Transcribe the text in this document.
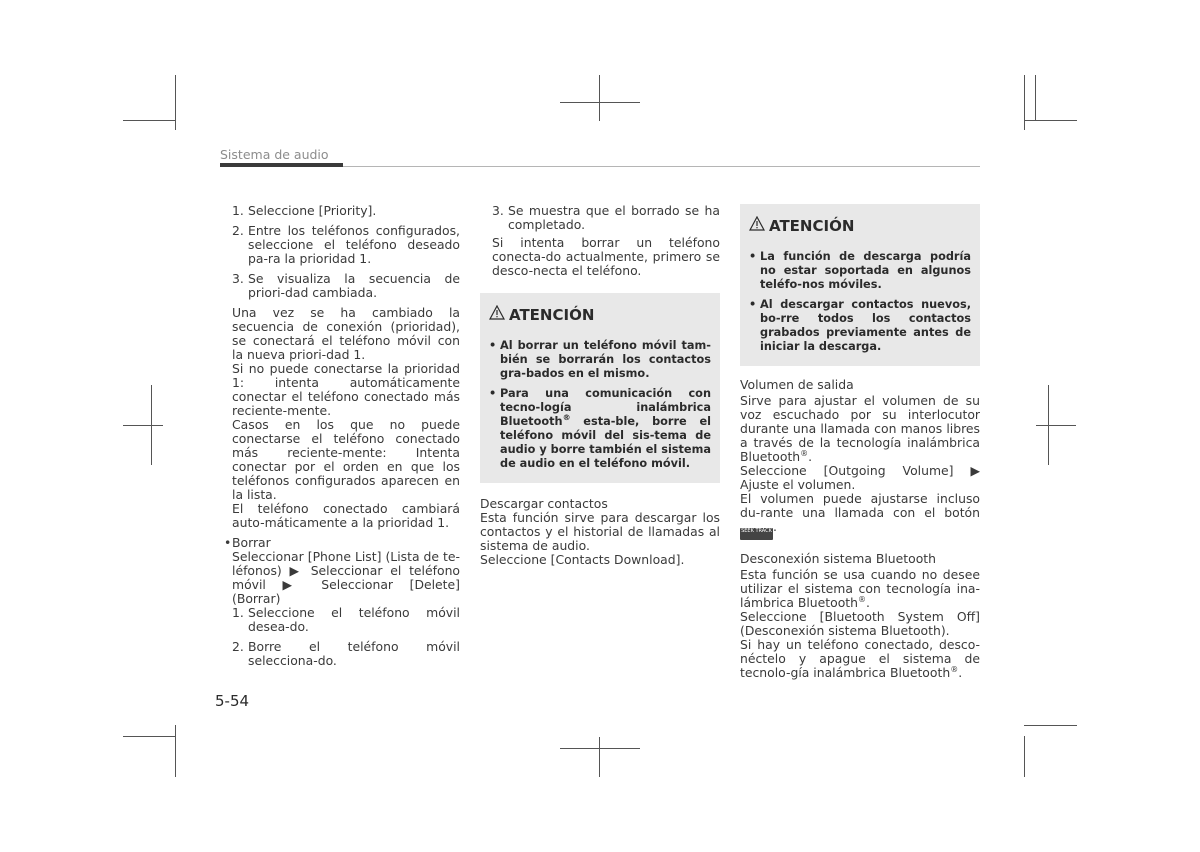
Sistema de audio
1. Seleccione [Priority].
2. Entre los teléfonos configurados, seleccione el teléfono deseado pa-ra la prioridad 1.

3. Se visualiza la secuencia de priori-dad cambiada.

Una vez se ha cambiado la secuencia de conexión (prioridad), se conectará el teléfono móvil con la nueva priori-dad 1.

Si no puede conectarse la prioridad 1: intenta automáticamente conectar el teléfono conectado más reciente-mente.

Casos en los que no puede conectarse el teléfono conectado más reciente-mente: Intenta conectar por el orden en que los teléfonos configurados aparecen en la lista.

El teléfono conectado cambiará auto-máticamente a la prioridad 1.

• Borrar

Seleccionar [Phone List] (Lista de te-léfonos) ▶ Seleccionar el teléfono móvil ▶ Seleccionar [Delete] (Borrar)

1. Seleccione el teléfono móvil desea-do.

2. Borre el teléfono móvil selecciona-do.

3. Se muestra que el borrado se ha completado.

Si intenta borrar un teléfono conecta-do actualmente, primero se desco-necta el teléfono.

ATENCIÓN
• Al borrar un teléfono móvil tam-bién se borrarán los contactos gra-bados en el mismo.
• Para una comunicación con tecno-logía inalámbrica Bluetooth® esta-ble, borre el teléfono móvil del sis-tema de audio y borre también el sistema de audio en el teléfono móvil.

Descargar contactos

Esta función sirve para descargar los contactos y el historial de llamadas al sistema de audio.

Seleccione [Contacts Download].

ATENCIÓN
• La función de descarga podría no estar soportada en algunos teléfo-nos móviles.
• Al descargar contactos nuevos, bo-rre todos los contactos grabados previamente antes de iniciar la descarga.

Volumen de salida

Sirve para ajustar el volumen de su voz escuchado por su interlocutor durante una llamada con manos libres a través de la tecnología inalámbrica Bluetooth®.

Seleccione [Outgoing Volume] ▶ Ajuste el volumen.

El volumen puede ajustarse incluso du-rante una llamada con el botón SEEK TRACK.

Desconexión sistema Bluetooth

Esta función se usa cuando no desee utilizar el sistema con tecnología ina-lámbrica Bluetooth®.

Seleccione [Bluetooth System Off] (Desconexión sistema Bluetooth).

Si hay un teléfono conectado, desco-néctelo y apague el sistema de tecnolo-gía inalámbrica Bluetooth®.

5-54
